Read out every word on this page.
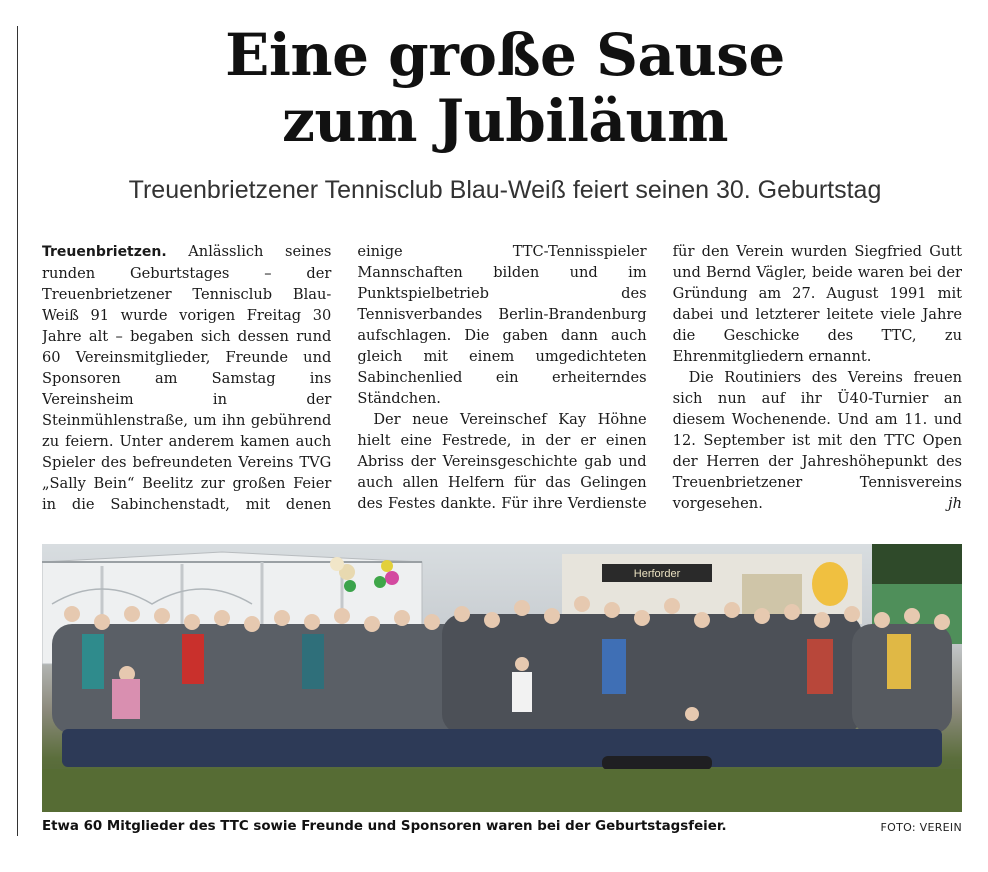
Eine große Sause
zum Jubiläum

Treuenbrietzener Tennisclub Blau-Weiß feiert seinen 30. Geburtstag

Treuenbrietzen. Anlässlich seines runden Geburtstages – der Treuenbrietzener Tennisclub Blau-Weiß 91 wurde vorigen Freitag 30 Jahre alt – begaben sich dessen rund 60 Vereinsmitglieder, Freunde und Sponsoren am Samstag ins Vereinsheim in der Steinmühlenstraße, um ihn gebührend zu feiern. Unter anderem kamen auch Spieler des befreundeten Vereins TVG „Sally Bein“ Beelitz zur großen Feier in die Sabinchenstadt, mit denen einige TTC-Tennisspieler Mannschaften bilden und im Punktspielbetrieb des Tennisverbandes Berlin-Brandenburg aufschlagen. Die gaben dann auch gleich mit einem umgedichteten Sabinchenlied ein erheiterndes Ständchen.

Der neue Vereinschef Kay Höhne hielt eine Festrede, in der er einen Abriss der Vereinsgeschichte gab und auch allen Helfern für das Gelingen des Festes dankte. Für ihre Verdienste für den Verein wurden Siegfried Gutt und Bernd Vägler, beide waren bei der Gründung am 27. August 1991 mit dabei und letzterer leitete viele Jahre die Geschicke des TTC, zu Ehrenmitgliedern ernannt.

Die Routiniers des Vereins freuen sich nun auf ihr Ü40-Turnier an diesem Wochenende. Und am 11. und 12. September ist mit den TTC Open der Herren der Jahreshöhepunkt des Treuenbrietzener Tennisvereins vorgesehen.	jh

Herforder
Etwa 60 Mitglieder des TTC sowie Freunde und Sponsoren waren bei der Geburtstagsfeier.	FOTO: VEREIN
